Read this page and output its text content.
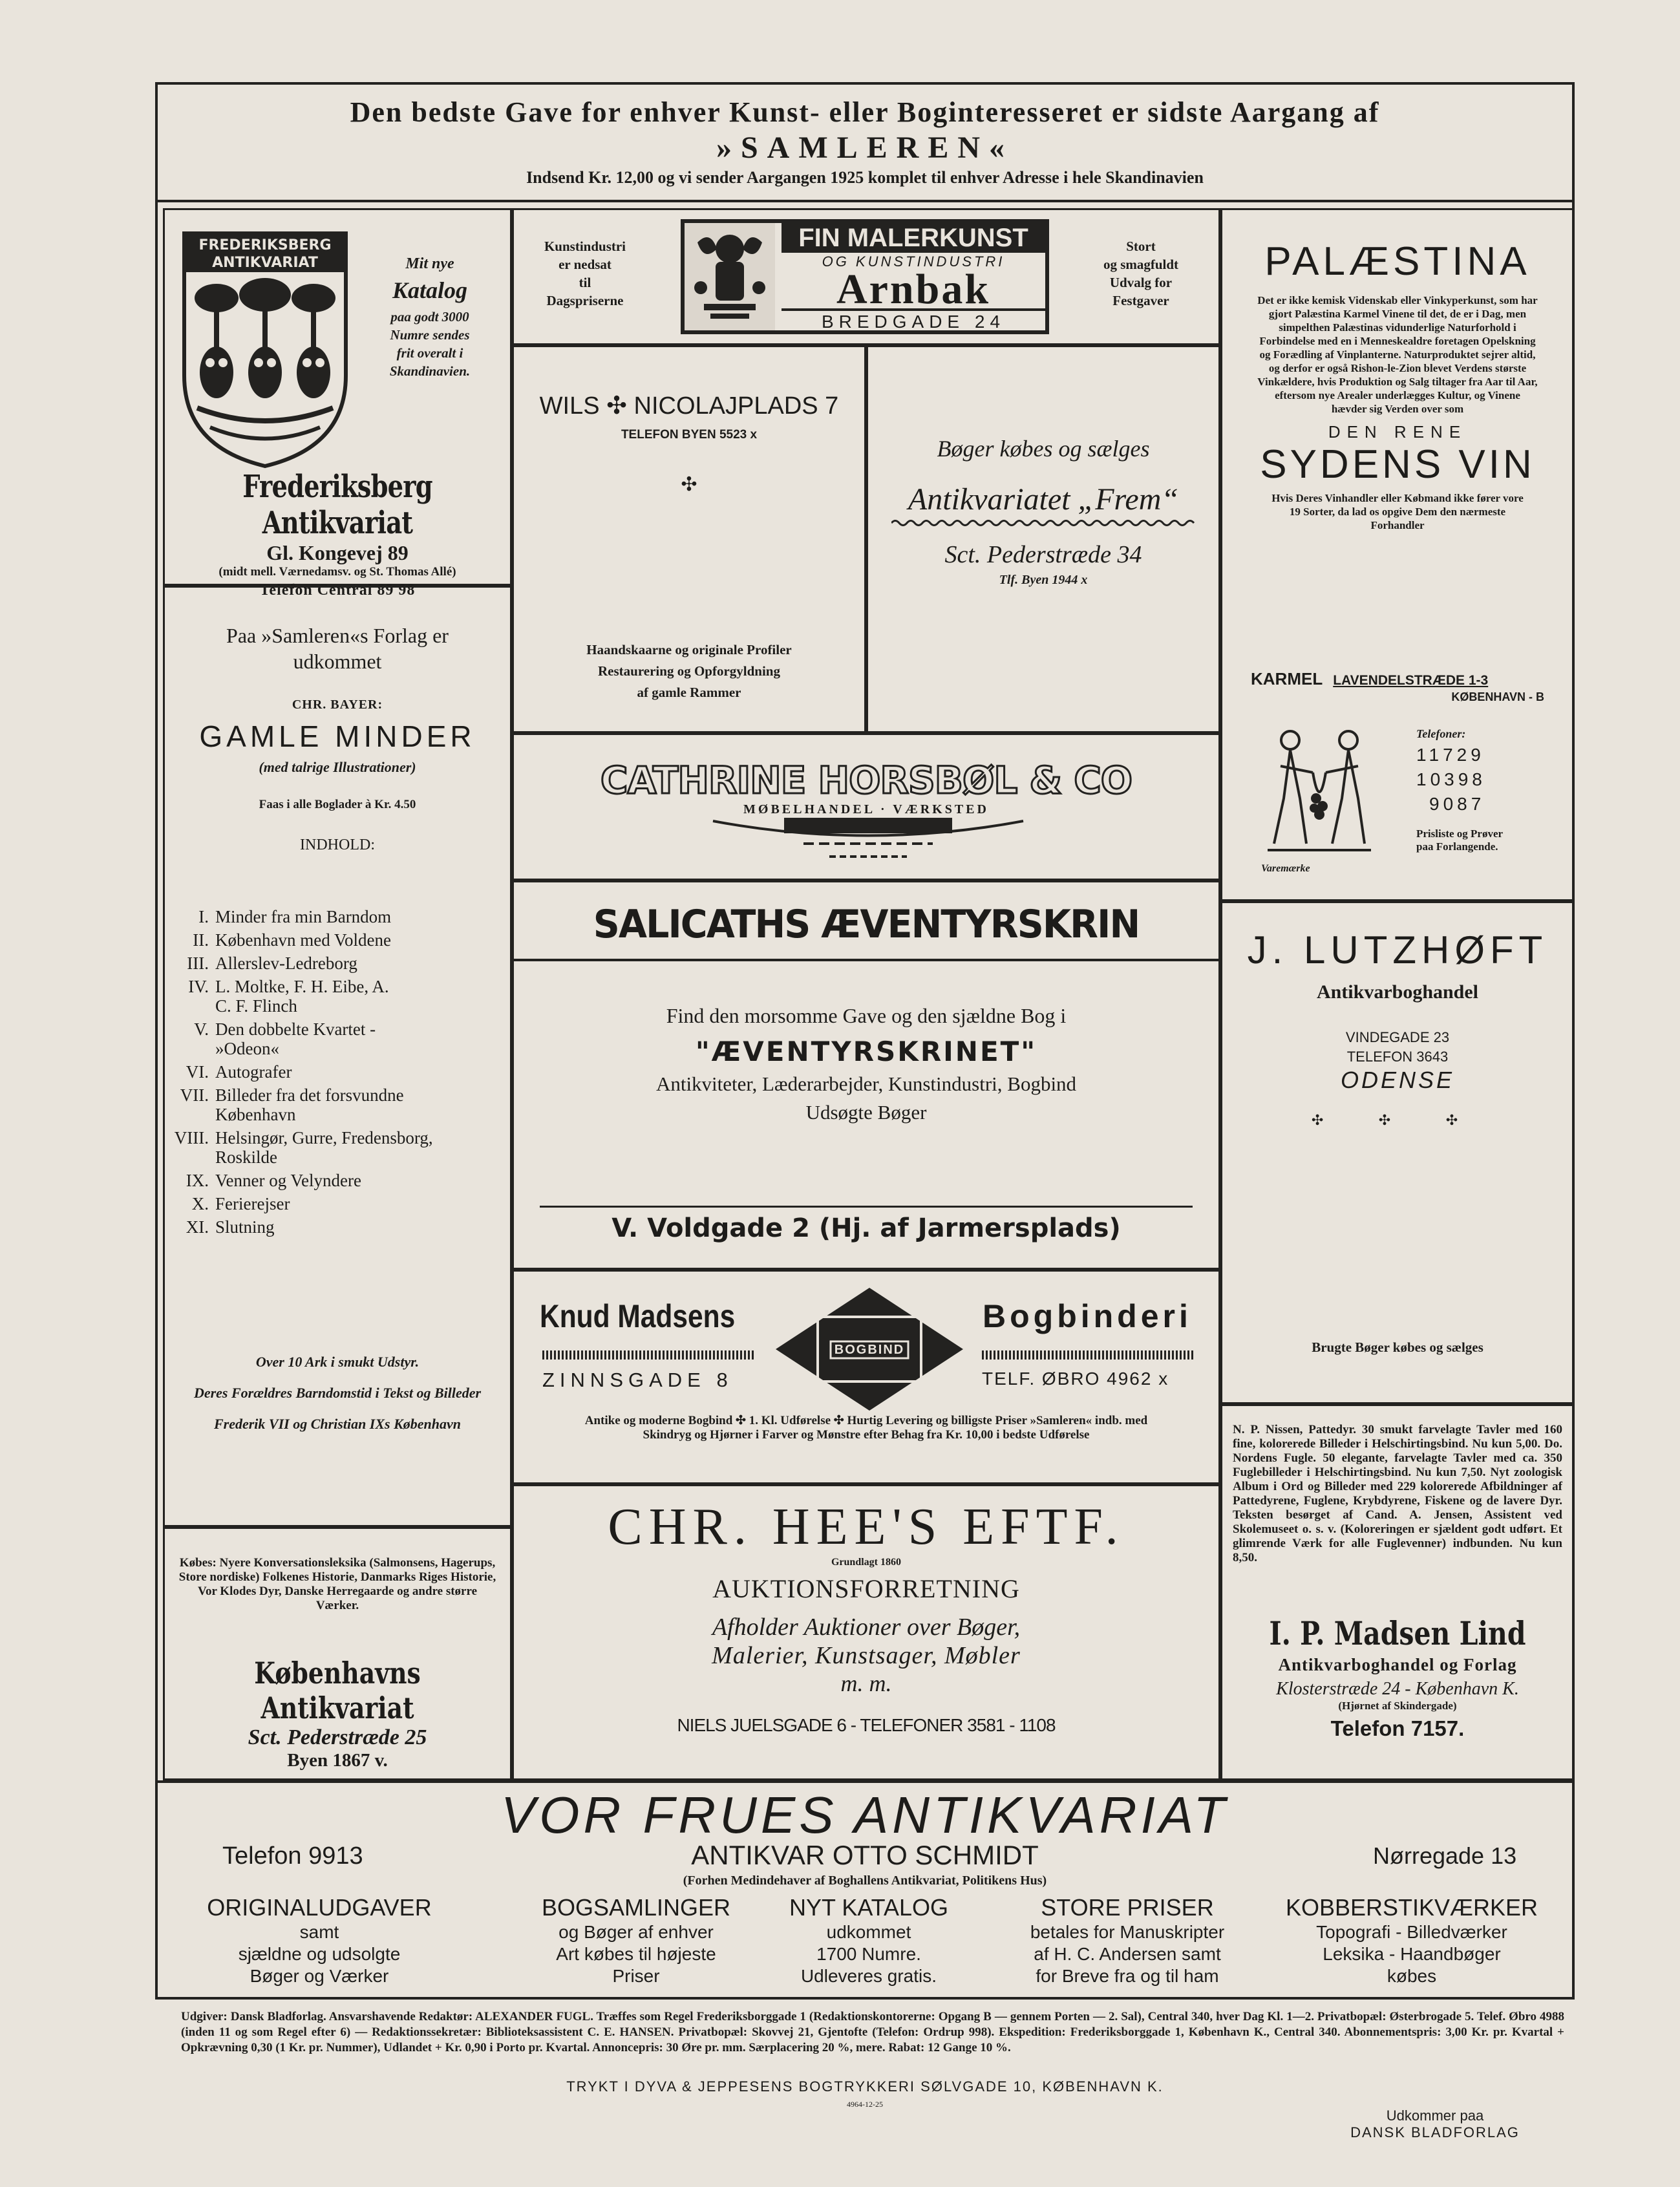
Den bedste Gave for enhver Kunst- eller Boginteresseret er sidste Aargang af

»SAMLEREN«

Indsend Kr. 12,00 og vi sender Aargangen 1925 komplet til enhver Adresse i hele Skandinavien

FREDERIKSBERG
ANTIKVARIAT	Mit nye

Katalog

paa godt 3000

Numre sendes

frit overalt i

Skandinavien.

Frederiksberg Antikvariat

Gl. Kongevej 89

(midt mell. Værnedamsv. og St. Thomas Allé)

Telefon Central 89 98

Kunstindustri

er nedsat

til

Dagspriserne

FIN MALERKUNST
OG KUNSTINDUSTRI
Arnbak
BREDGADE 24

Stort

og smagfuldt

Udvalg for

Festgaver

WILS ✣ NICOLAJPLADS 7

TELEFON BYEN 5523 x

✣

Haandskaarne og originale Profiler

Restaurering og Opforgyldning

af gamle Rammer

Bøger købes og sælges

Antikvariatet „Frem“

Sct. Pederstræde 34

Tlf. Byen 1944 x

PALÆSTINA

Det er ikke kemisk Videnskab eller Vinkyperkunst, som har gjort Palæstina Karmel Vinene til det, de er i Dag, men simpelthen Palæstinas vidunderlige Naturforhold i Forbindelse med en i Menneskealdre foretagen Opelskning og Forædling af Vinplanterne. Naturproduktet sejrer altid, og derfor er også Rishon-le-Zion blevet Verdens største Vinkældere, hvis Produktion og Salg tiltager fra Aar til Aar, eftersom nye Arealer underlægges Kultur, og Vinene hævder sig Verden over som

DEN RENE

SYDENS VIN

Hvis Deres Vinhandler eller Købmand ikke fører vore 19 Sorter, da lad os opgive Dem den nærmeste Forhandler

KARMEL LAVENDELSTRÆDE 1-3

KØBENHAVN - B

Varemærke

Telefoner:

11729

10398

9087

Prisliste og Prøver

paa Forlangende.

Paa »Samleren«s Forlag er udkommet

CHR. BAYER:

GAMLE MINDER

(med talrige Illustrationer)

Faas i alle Boglader à Kr. 4.50

INDHOLD:

I. Minder fra min Barndom
II. København med Voldene
III. Allerslev-Ledreborg
IV. L. Moltke, F. H. Eibe, A. C. F. Flinch
V. Den dobbelte Kvartet - »Odeon«
VI. Autografer
VII. Billeder fra det forsvundne København
VIII. Helsingør, Gurre, Fredensborg, Roskilde
IX. Venner og Velyndere
X. Ferierejser
XI. Slutning

Over 10 Ark i smukt Udstyr.

Deres Forældres Barndomstid i Tekst og Billeder

Frederik VII og Christian IXs København

CATHRINE HORSBØL & CO

MØBELHANDEL · VÆRKSTED

SALICATHS ÆVENTYRSKRIN

Find den morsomme Gave og den sjældne Bog i

"ÆVENTYRSKRINET"

Antikviteter, Læderarbejder, Kunstindustri, Bogbind

Udsøgte Bøger

V. Voldgade 2 (Hj. af Jarmersplads)

J. LUTZHØFT

Antikvarboghandel

VINDEGADE 23

TELEFON 3643

ODENSE

✣ ✣ ✣

Brugte Bøger købes og sælges

Knud Madsens	Bogbinderi

BOGBIND

ZINNSGADE 8	TELF. ØBRO 4962 x

Antike og moderne Bogbind ✣ 1. Kl. Udførelse ✣ Hurtig Levering og billigste Priser »Samleren« indb. med Skindryg og Hjørner i Farver og Mønstre efter Behag fra Kr. 10,00 i bedste Udførelse

Købes: Nyere Konversationsleksika (Salmonsens, Hagerups, Store nordiske) Folkenes Historie, Danmarks Riges Historie, Vor Klodes Dyr, Danske Herregaarde og andre større Værker.

Københavns Antikvariat

Sct. Pederstræde 25

Byen 1867 v.

CHR. HEE'S EFTF.

Grundlagt 1860

AUKTIONSFORRETNING

Afholder Auktioner over Bøger,

Malerier, Kunstsager, Møbler

m. m.

NIELS JUELSGADE 6 - TELEFONER 3581 - 1108

N. P. Nissen, Pattedyr. 30 smukt farvelagte Tavler med 160 fine, kolorerede Billeder i Helschirtingsbind. Nu kun 5,00. Do. Nordens Fugle. 50 elegante, farvelagte Tavler med ca. 350 Fuglebilleder i Helschirtingsbind. Nu kun 7,50. Nyt zoologisk Album i Ord og Billeder med 229 kolorerede Afbildninger af Pattedyrene, Fuglene, Krybdyrene, Fiskene og de lavere Dyr. Teksten besørget af Cand. A. Jensen, Assistent ved Skolemuseet o. s. v. (Koloreringen er sjældent godt udført. Et glimrende Værk for alle Fuglevenner) indbunden. Nu kun 8,50.

I. P. Madsen Lind

Antikvarboghandel og Forlag

Klosterstræde 24 - København K.

(Hjørnet af Skindergade)

Telefon 7157.

VOR FRUES ANTIKVARIAT

Telefon 9913	ANTIKVAR OTTO SCHMIDT	Nørregade 13

(Forhen Medindehaver af Boghallens Antikvariat, Politikens Hus)

ORIGINALUDGAVER

samt

sjældne og udsolgte

Bøger og Værker

BOGSAMLINGER

og Bøger af enhver

Art købes til højeste

Priser

NYT KATALOG

udkommet

1700 Numre.

Udleveres gratis.

STORE PRISER

betales for Manuskripter

af H. C. Andersen samt

for Breve fra og til ham

KOBBERSTIKVÆRKER

Topografi - Billedværker

Leksika - Haandbøger

købes

Udgiver: Dansk Bladforlag. Ansvarshavende Redaktør: ALEXANDER FUGL. Træffes som Regel Frederiksborggade 1 (Redaktionskontorerne: Opgang B — gennem Porten — 2. Sal), Central 340, hver Dag Kl. 1—2. Privatbopæl: Østerbrogade 5. Telef. Øbro 4988 (inden 11 og som Regel efter 6) — Redaktionssekretær: Biblioteksassistent C. E. HANSEN. Privatbopæl: Skovvej 21, Gjentofte (Telefon: Ordrup 998). Ekspedition: Frederiksborggade 1, København K., Central 340. Abonnementspris: 3,00 Kr. pr. Kvartal + Opkrævning 0,30 (1 Kr. pr. Nummer), Udlandet + Kr. 0,90 i Porto pr. Kvartal. Annoncepris: 30 Øre pr. mm. Særplacering 20 %, mere. Rabat: 12 Gange 10 %.

TRYKT I DYVA & JEPPESENS BOGTRYKKERI SØLVGADE 10, KØBENHAVN K.

4964-12-25

Udkommer paa

DANSK BLADFORLAG
